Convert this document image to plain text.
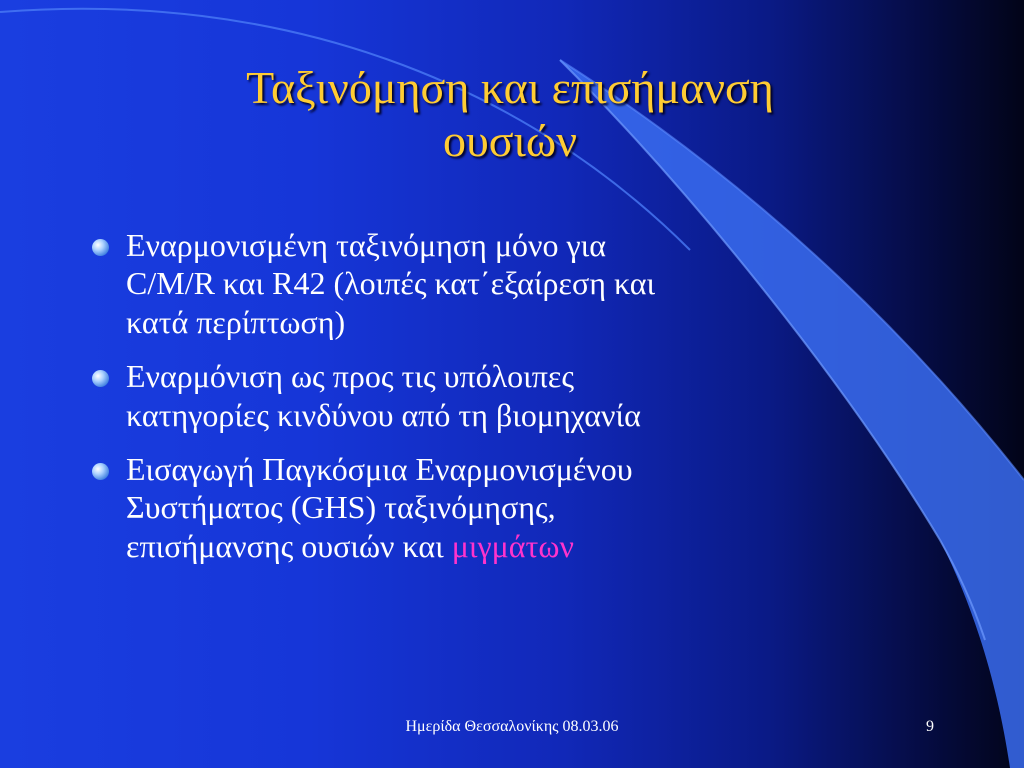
Ταξινόμηση και επισήμανση
ουσιών
Εναρμονισμένη ταξινόμηση μόνο για
C/M/R και R42 (λοιπές κατ΄εξαίρεση και
κατά περίπτωση)
Εναρμόνιση ως προς τις υπόλοιπες
κατηγορίες κινδύνου από τη βιομηχανία
Εισαγωγή Παγκόσμια Εναρμονισμένου
Συστήματος (GHS) ταξινόμησης,
επισήμανσης ουσιών και μιγμάτων
Ημερίδα Θεσσαλονίκης 08.03.06	9
